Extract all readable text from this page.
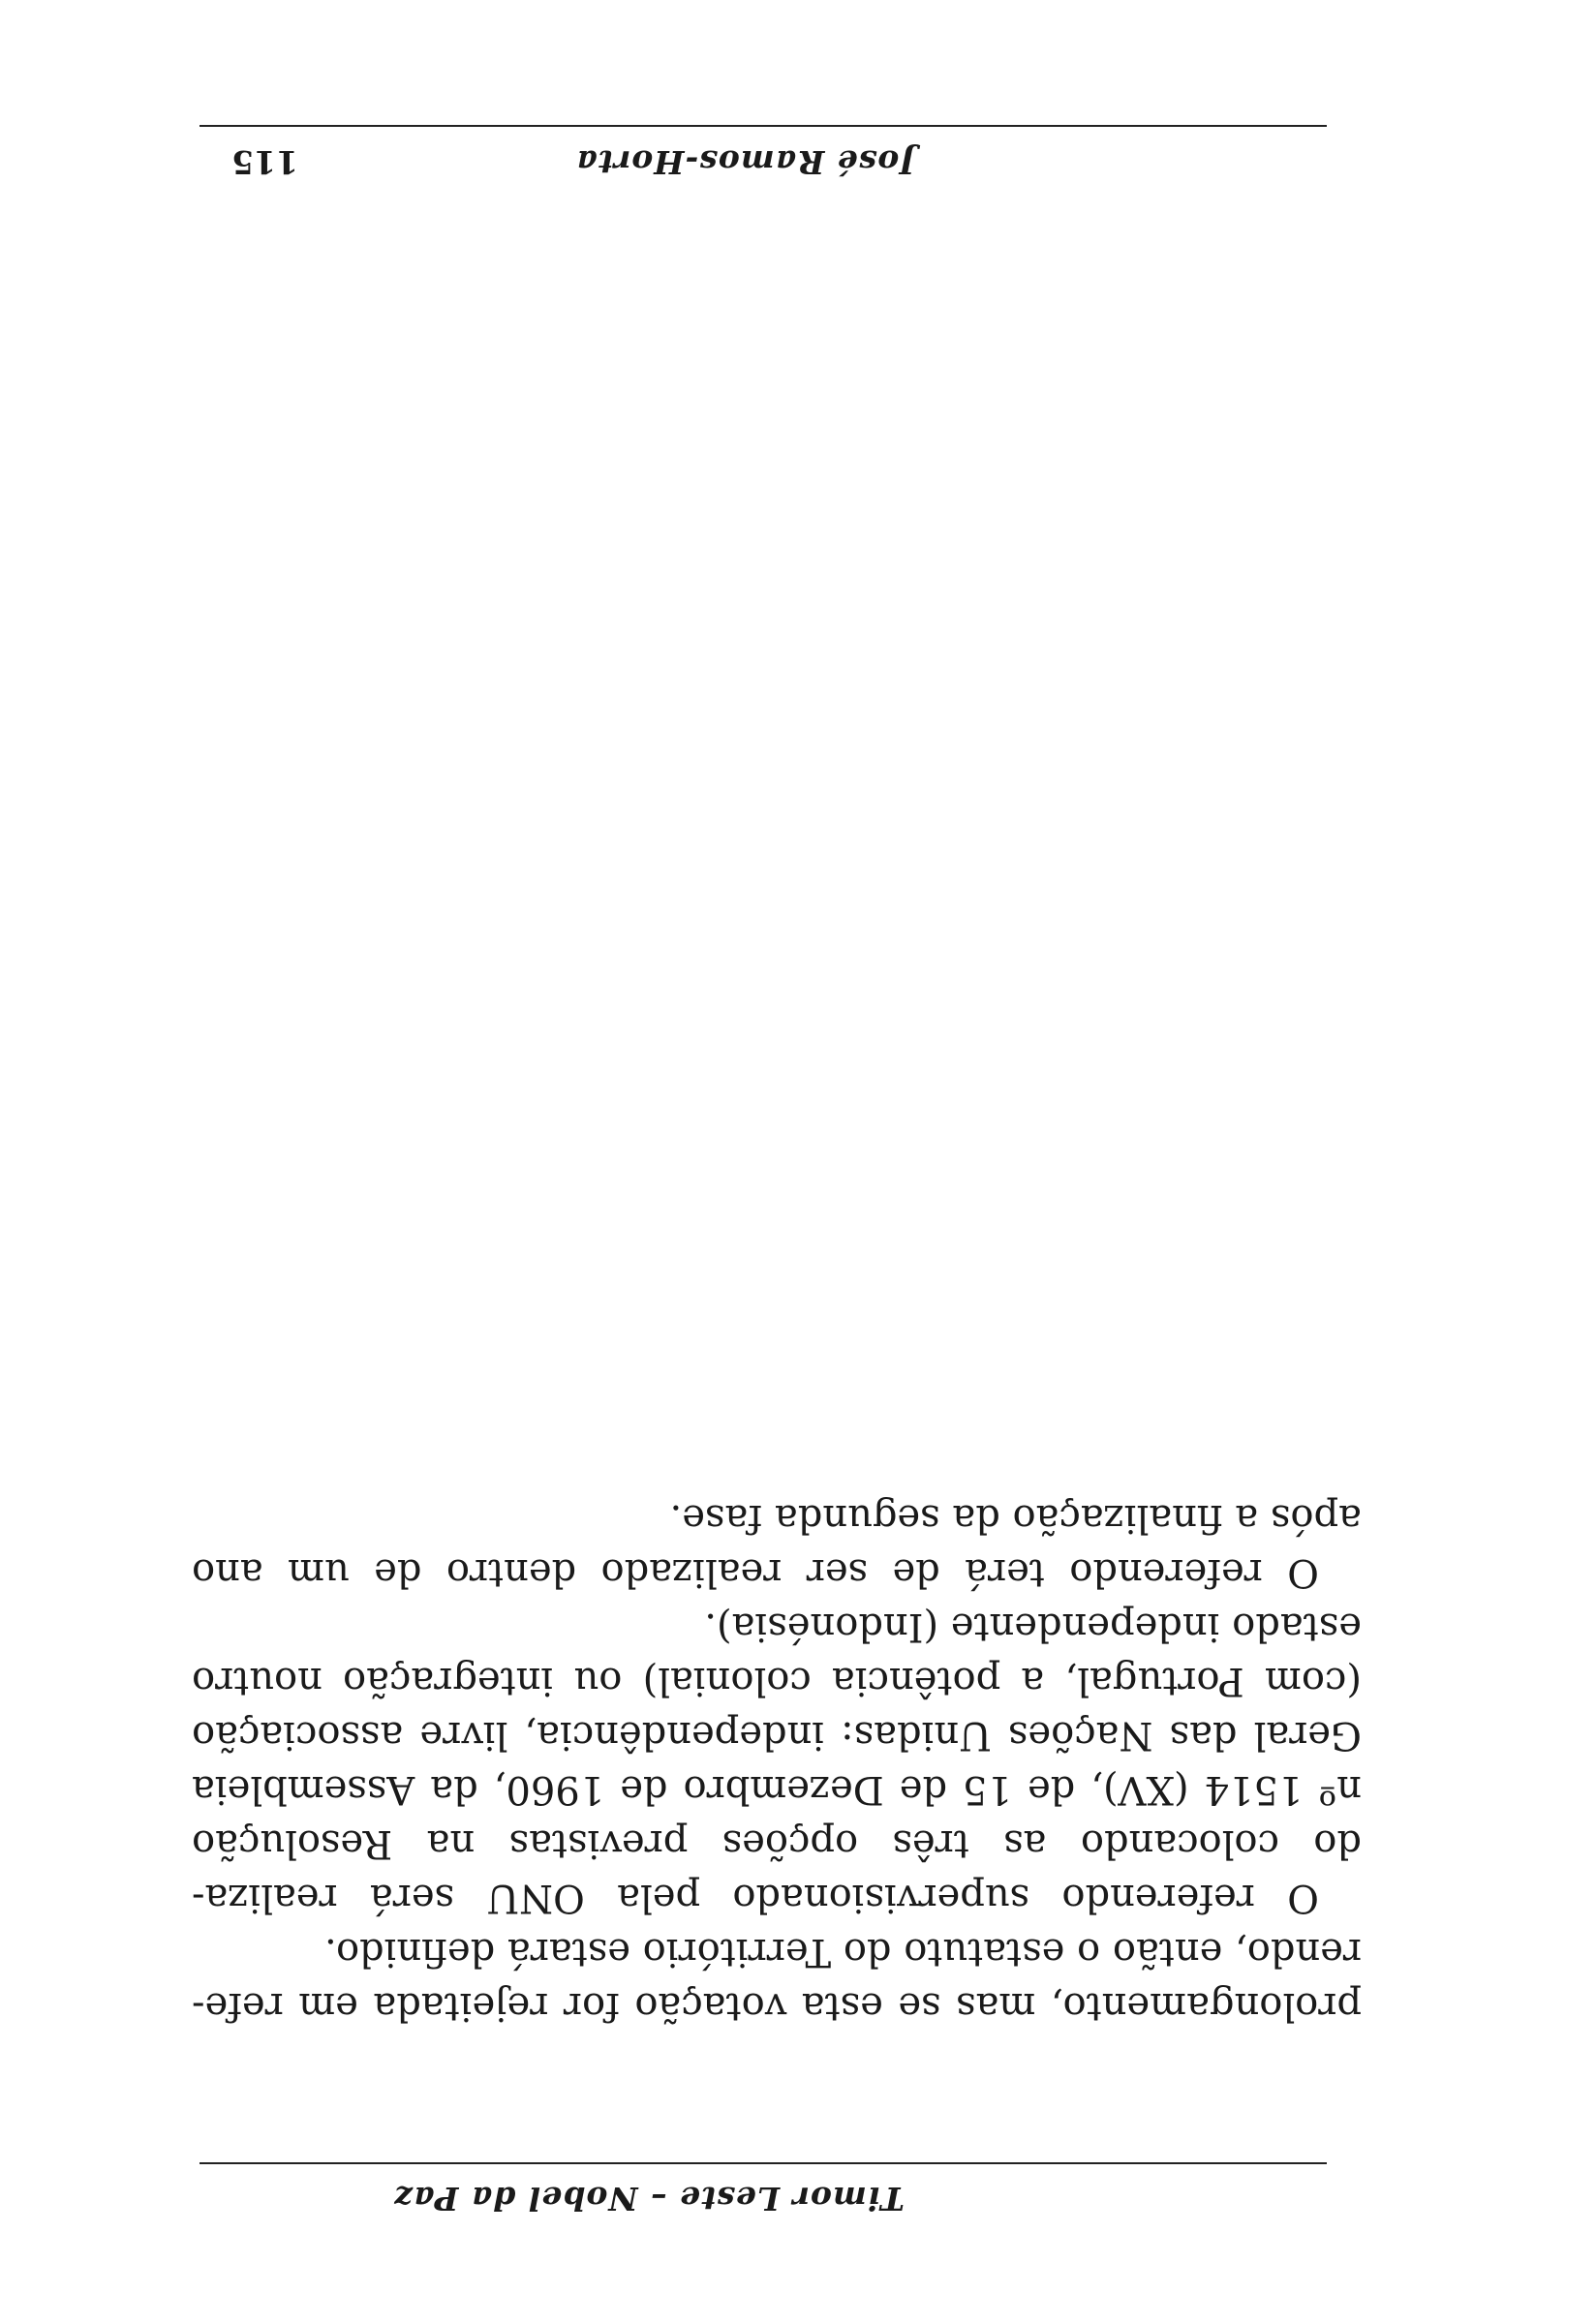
Timor Leste – Nobel da Paz

prolongamento, mas se esta votação for rejeitada em refe-

rendo, então o estatuto do Território estará definido.

O referendo supervisionado pela ONU será realiza-

do colocando as três opções previstas na Resolução

nº 1514 (XV), de 15 de Dezembro de 1960, da Assembleia

Geral das Nações Unidas: independência, livre associação

(com Portugal, a potência colonial) ou integração noutro

estado independente (Indonésia).

O referendo terá de ser realizado dentro de um ano

após a finalização da segunda fase.

José Ramos-Horta
115
